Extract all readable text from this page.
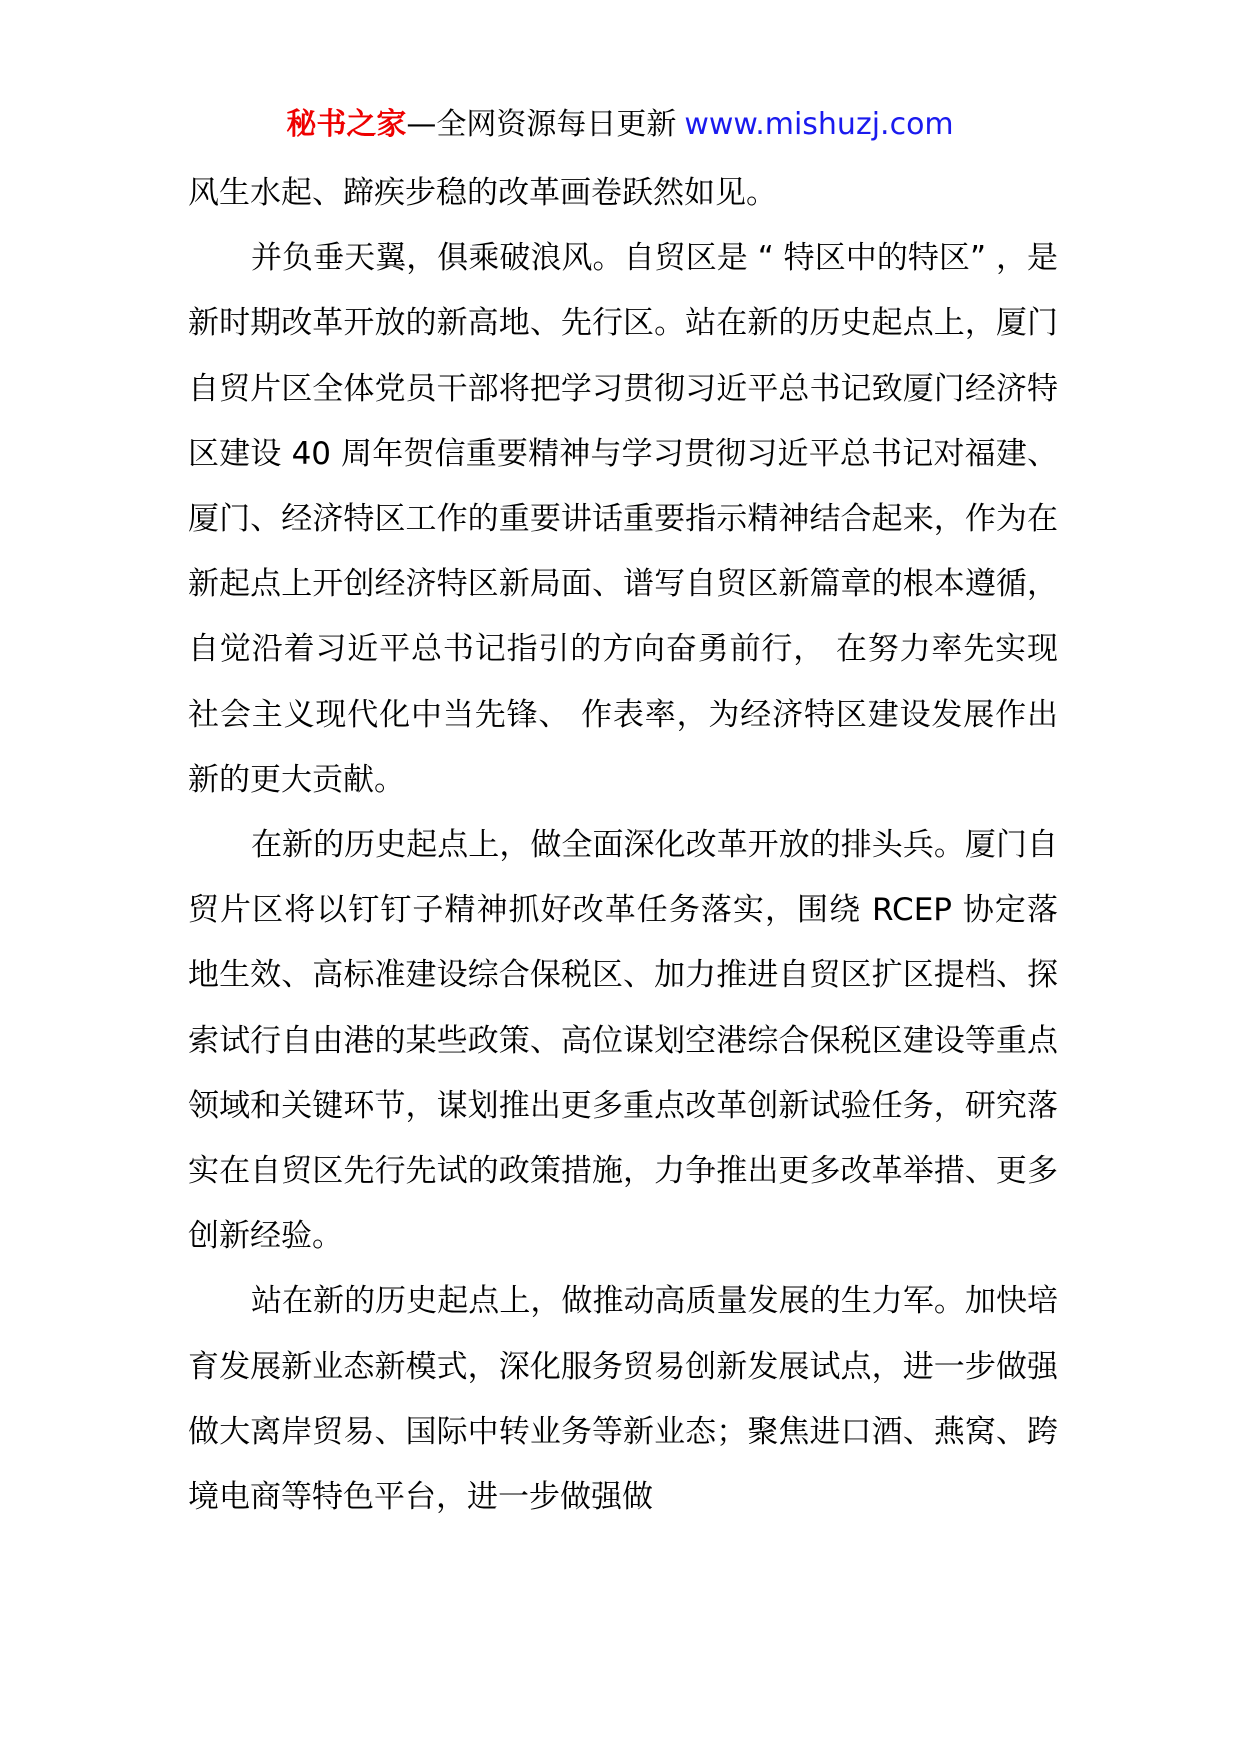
秘书之家—全网资源每日更新 www.mishuzj.com

风生水起、蹄疾步稳的改革画卷跃然如见。

并负垂天翼，俱乘破浪风。自贸区是 “ 特区中的特区” ，是新时期改革开放的新高地、先行区。站在新的历史起点上，厦门自贸片区全体党员干部将把学习贯彻习近平总书记致厦门经济特区建设 40 周年贺信重要精神与学习贯彻习近平总书记对福建、厦门、经济特区工作的重要讲话重要指示精神结合起来，作为在新起点上开创经济特区新局面、谱写自贸区新篇章的根本遵循，自觉沿着习近平总书记指引的方向奋勇前行， 在努力率先实现社会主义现代化中当先锋、 作表率，为经济特区建设发展作出新的更大贡献。

在新的历史起点上，做全面深化改革开放的排头兵。厦门自贸片区将以钉钉子精神抓好改革任务落实，围绕 RCEP 协定落地生效、高标准建设综合保税区、加力推进自贸区扩区提档、探索试行自由港的某些政策、高位谋划空港综合保税区建设等重点领域和关键环节，谋划推出更多重点改革创新试验任务，研究落实在自贸区先行先试的政策措施，力争推出更多改革举措、更多创新经验。

站在新的历史起点上，做推动高质量发展的生力军。加快培育发展新业态新模式，深化服务贸易创新发展试点，进一步做强做大离岸贸易、国际中转业务等新业态；聚焦进口酒、燕窝、跨境电商等特色平台，进一步做强做
